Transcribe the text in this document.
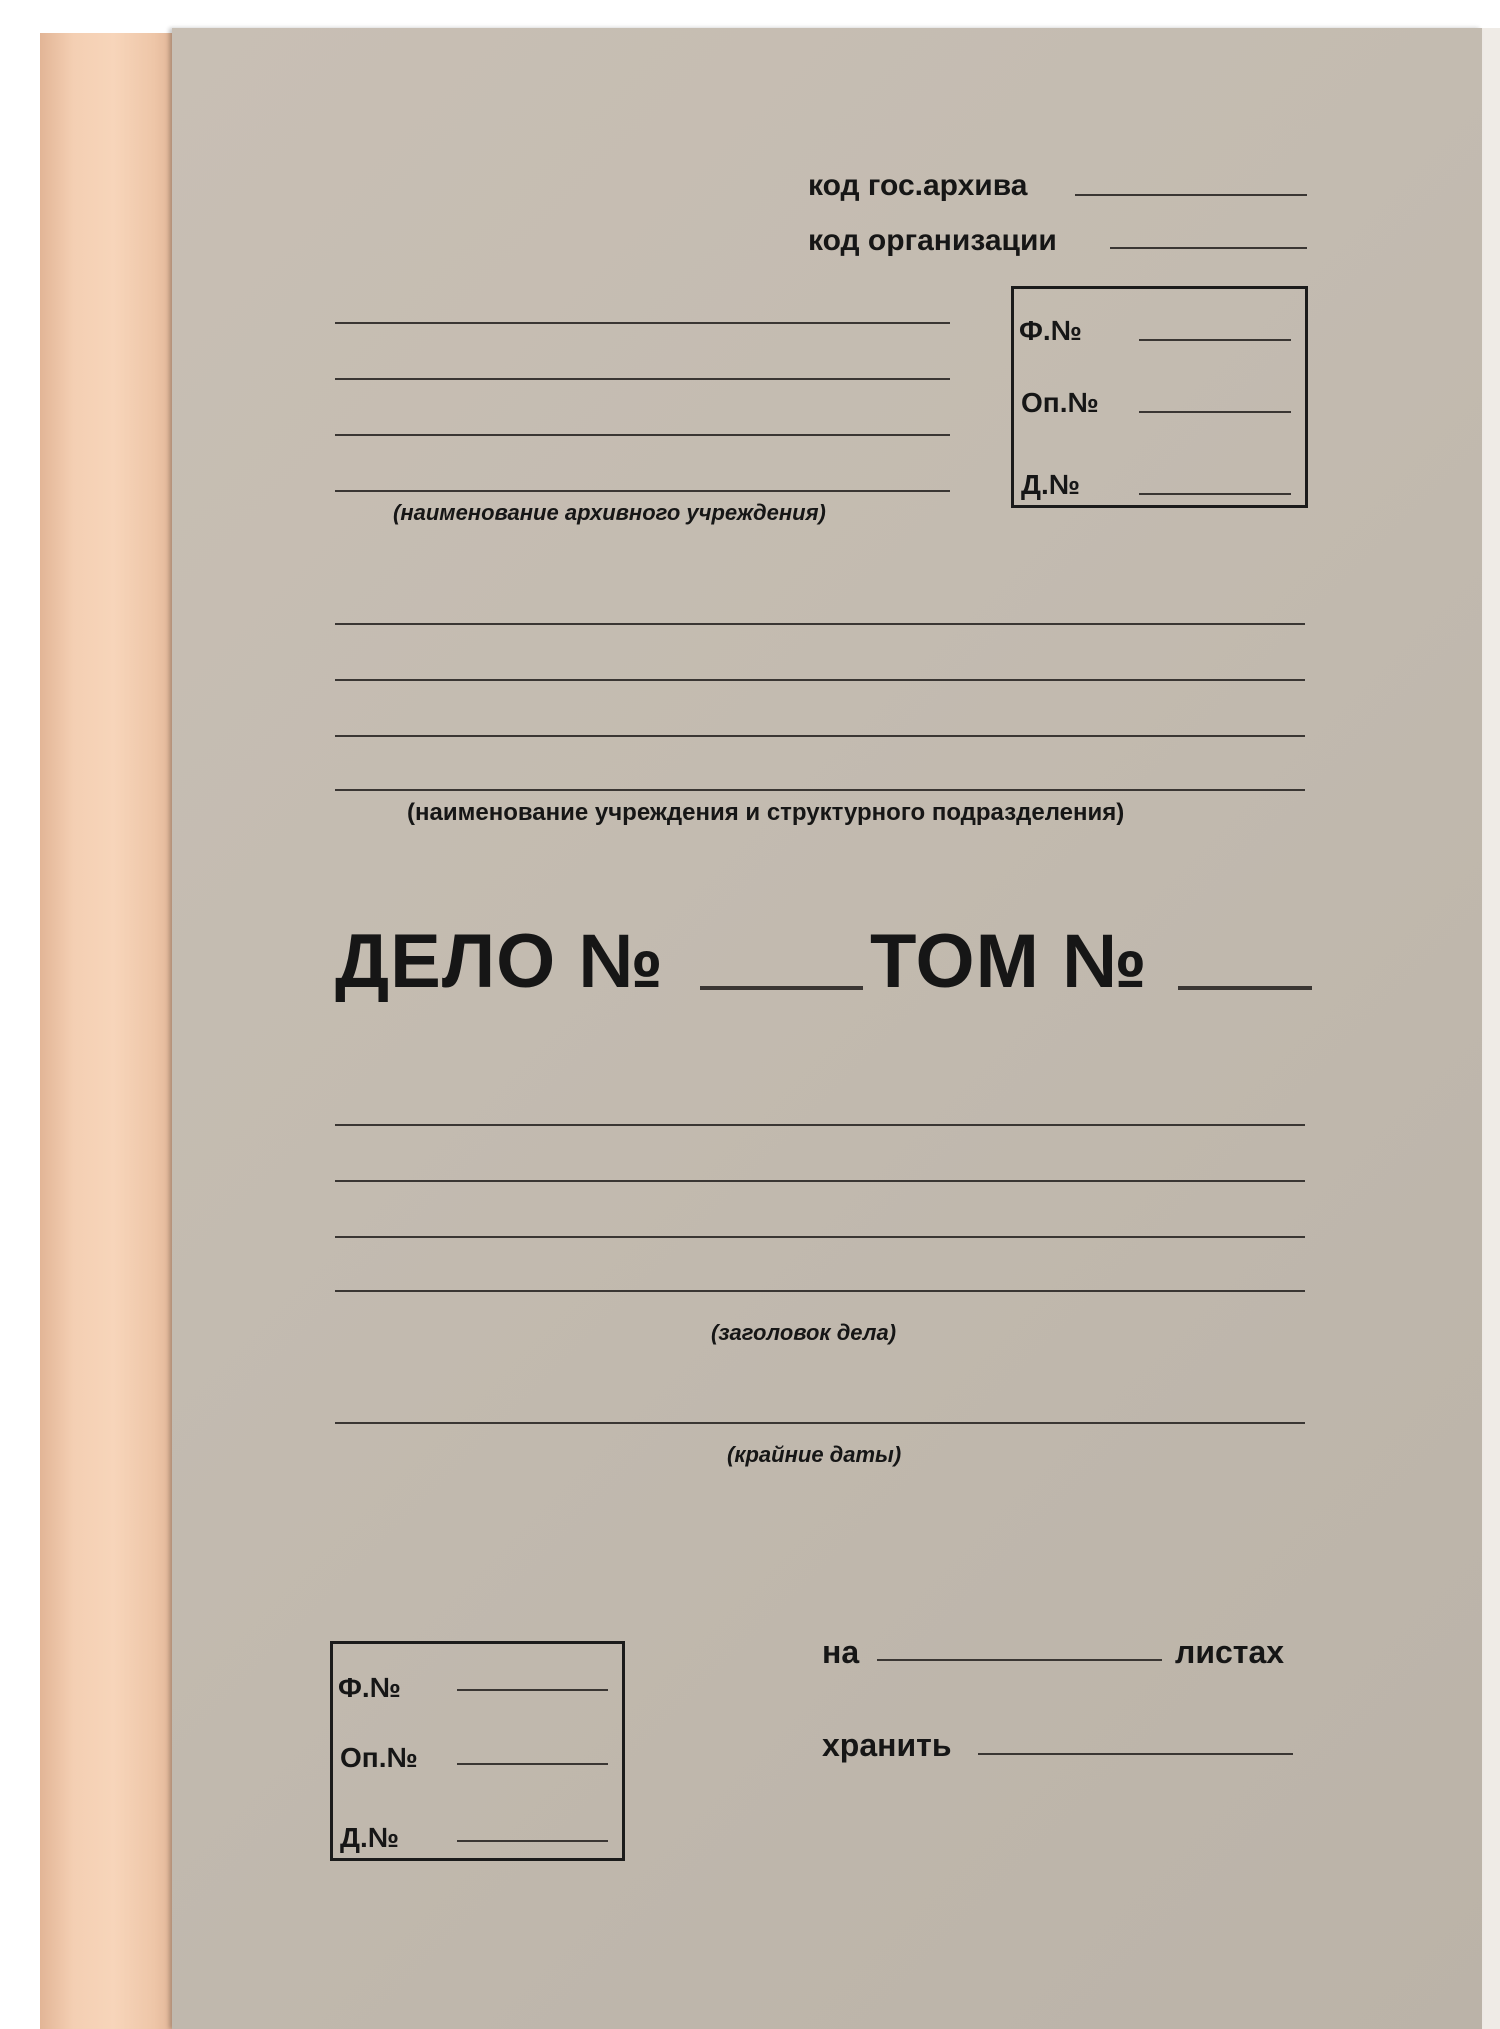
код гос.архива
код организации
(наименование архивного учреждения)
Ф.№
Оп.№
Д.№
(наименование учреждения и структурного подразделения)
ДЕЛО №	ТОМ №
(заголовок дела)
(крайние даты)
Ф.№
Оп.№
Д.№
на	листах
хранить
